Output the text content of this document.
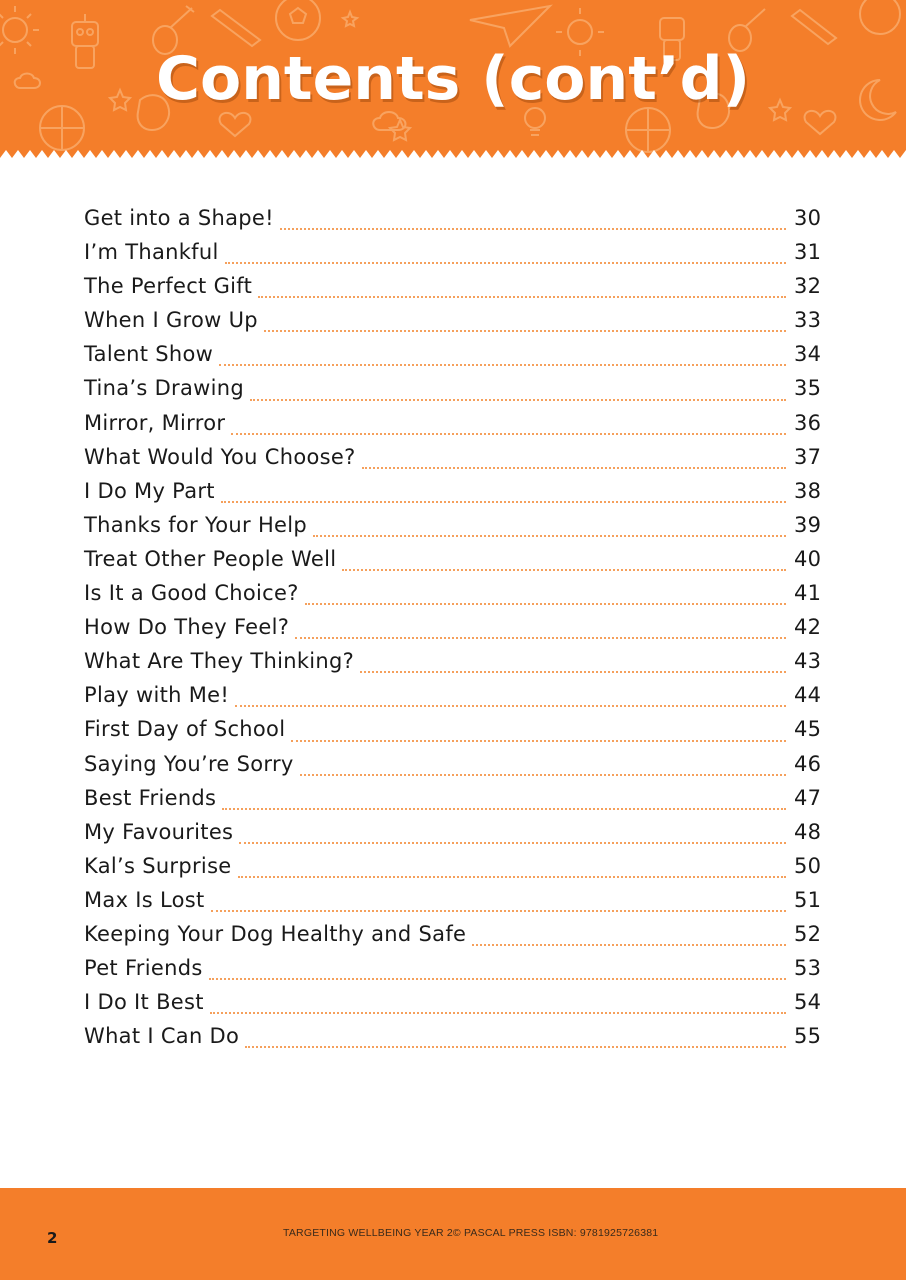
Contents (cont’d)
Get into a Shape!	30
I’m Thankful	31
The Perfect Gift	32
When I Grow Up	33
Talent Show	34
Tina’s Drawing	35
Mirror, Mirror	36
What Would You Choose?	37
I Do My Part	38
Thanks for Your Help	39
Treat Other People Well	40
Is It a Good Choice?	41
How Do They Feel?	42
What Are They Thinking?	43
Play with Me!	44
First Day of School	45
Saying You’re Sorry	46
Best Friends	47
My Favourites	48
Kal’s Surprise	50
Max Is Lost	51
Keeping Your Dog Healthy and Safe	52
Pet Friends	53
I Do It Best	54
What I Can Do	55
2	TARGETING WELLBEING YEAR 2© PASCAL PRESS ISBN: 9781925726381
